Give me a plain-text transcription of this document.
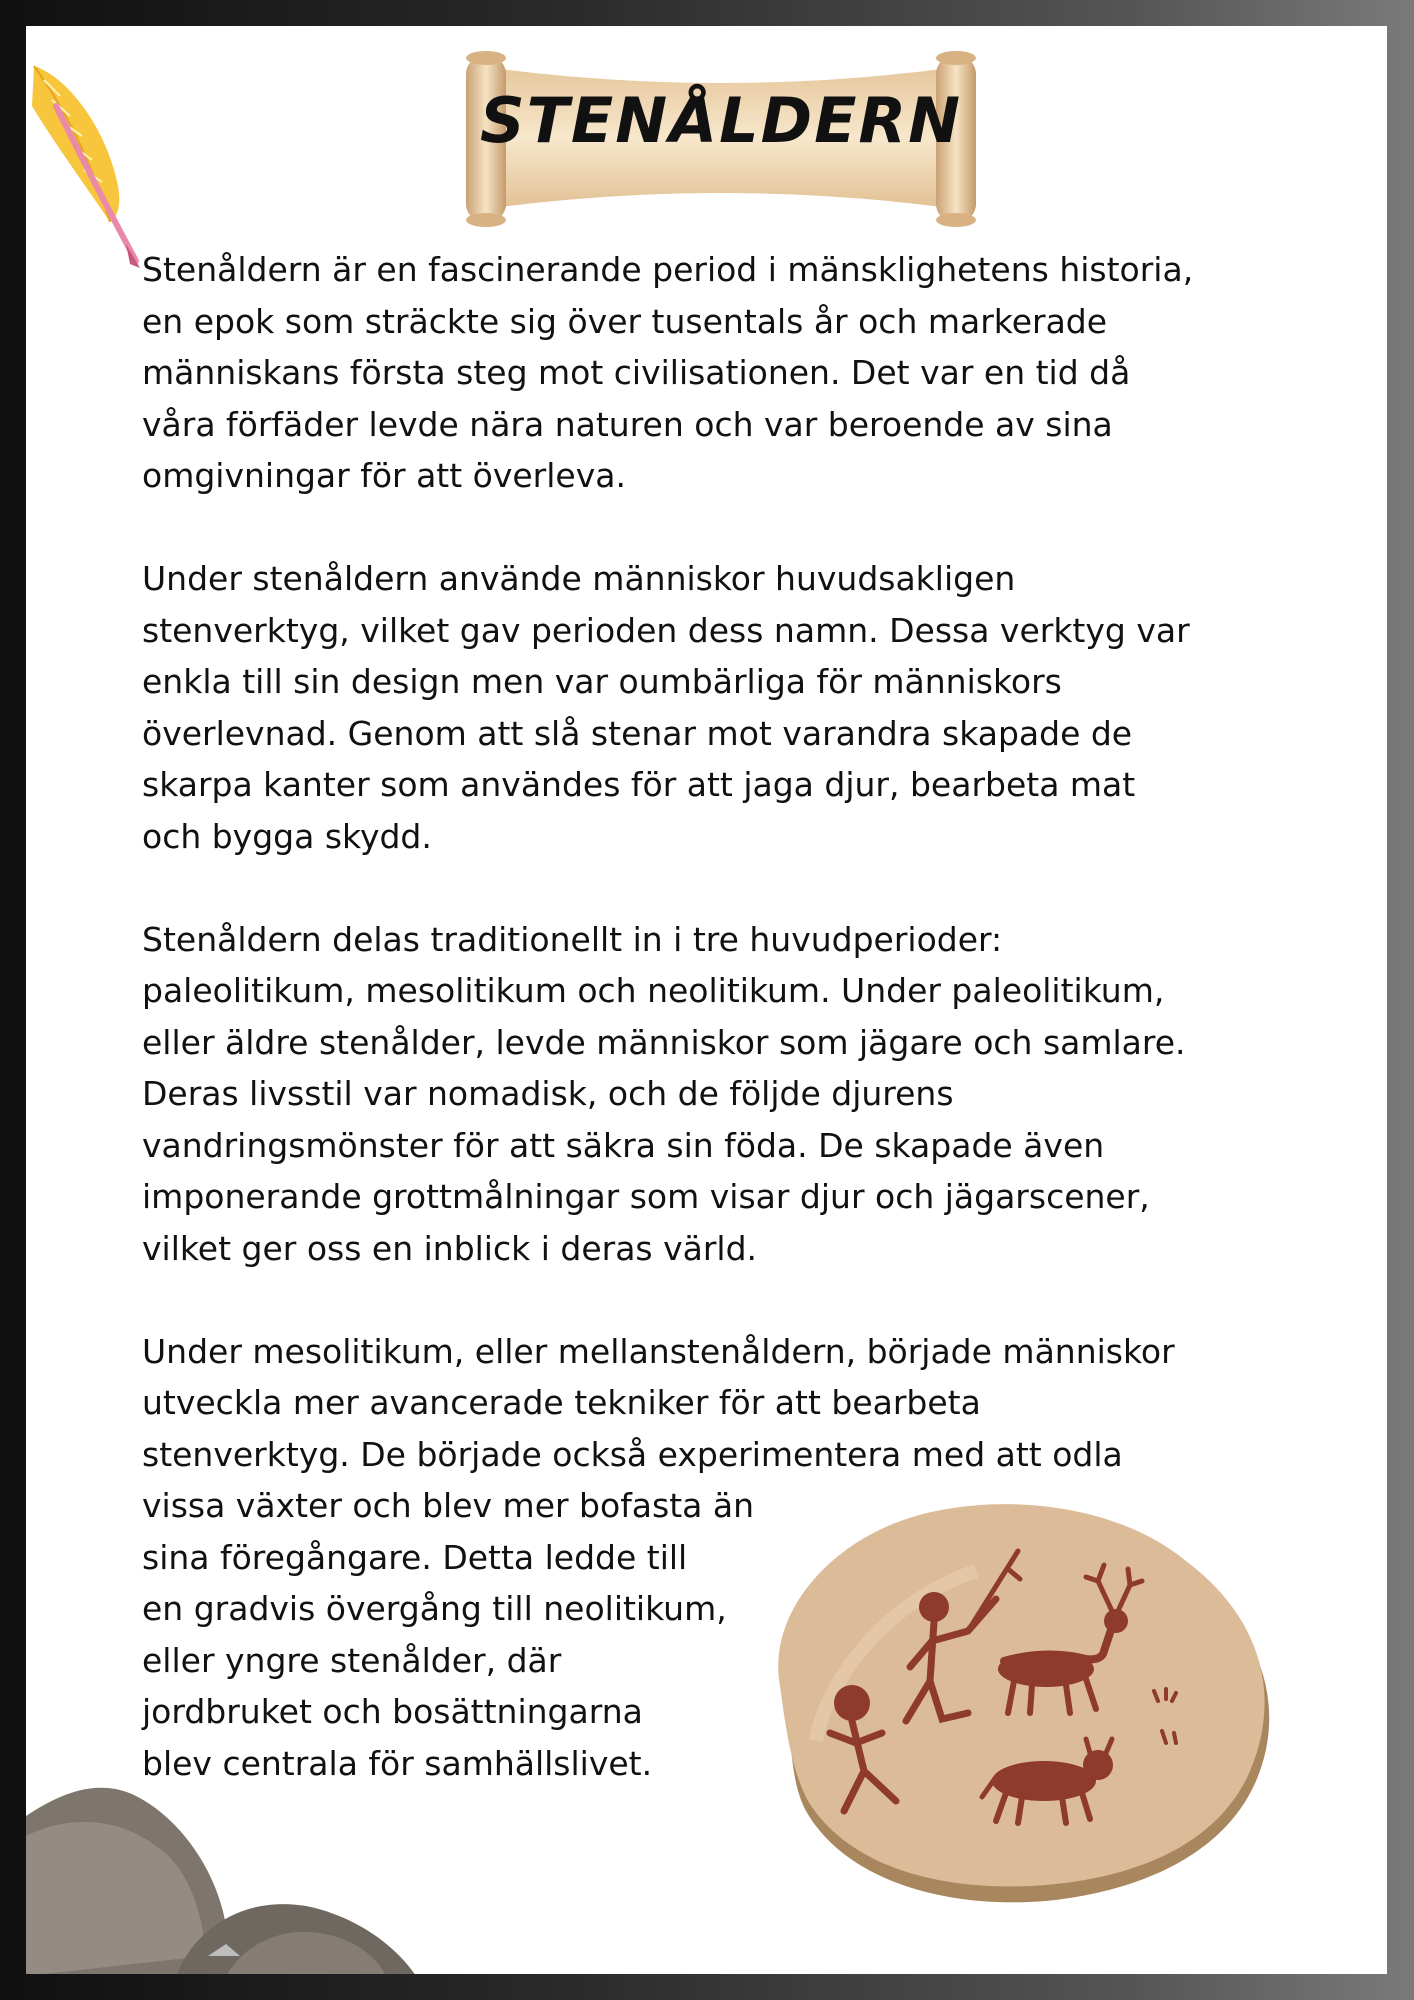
STENÅLDERN

Stenåldern är en fascinerande period i mänsklighetens historia,
en epok som sträckte sig över tusentals år och markerade
människans första steg mot civilisationen. Det var en tid då
våra förfäder levde nära naturen och var beroende av sina
omgivningar för att överleva.

Under stenåldern använde människor huvudsakligen
stenverktyg, vilket gav perioden dess namn. Dessa verktyg var
enkla till sin design men var oumbärliga för människors
överlevnad. Genom att slå stenar mot varandra skapade de
skarpa kanter som användes för att jaga djur, bearbeta mat
och bygga skydd.

Stenåldern delas traditionellt in i tre huvudperioder:
paleolitikum, mesolitikum och neolitikum. Under paleolitikum,
eller äldre stenålder, levde människor som jägare och samlare.
Deras livsstil var nomadisk, och de följde djurens
vandringsmönster för att säkra sin föda. De skapade även
imponerande grottmålningar som visar djur och jägarscener,
vilket ger oss en inblick i deras värld.

Under mesolitikum, eller mellanstenåldern, började människor
utveckla mer avancerade tekniker för att bearbeta
stenverktyg. De började också experimentera med att odla
vissa växter och blev mer bofasta än
sina föregångare. Detta ledde till
en gradvis övergång till neolitikum,
eller yngre stenålder, där
jordbruket och bosättningarna
blev centrala för samhällslivet.
